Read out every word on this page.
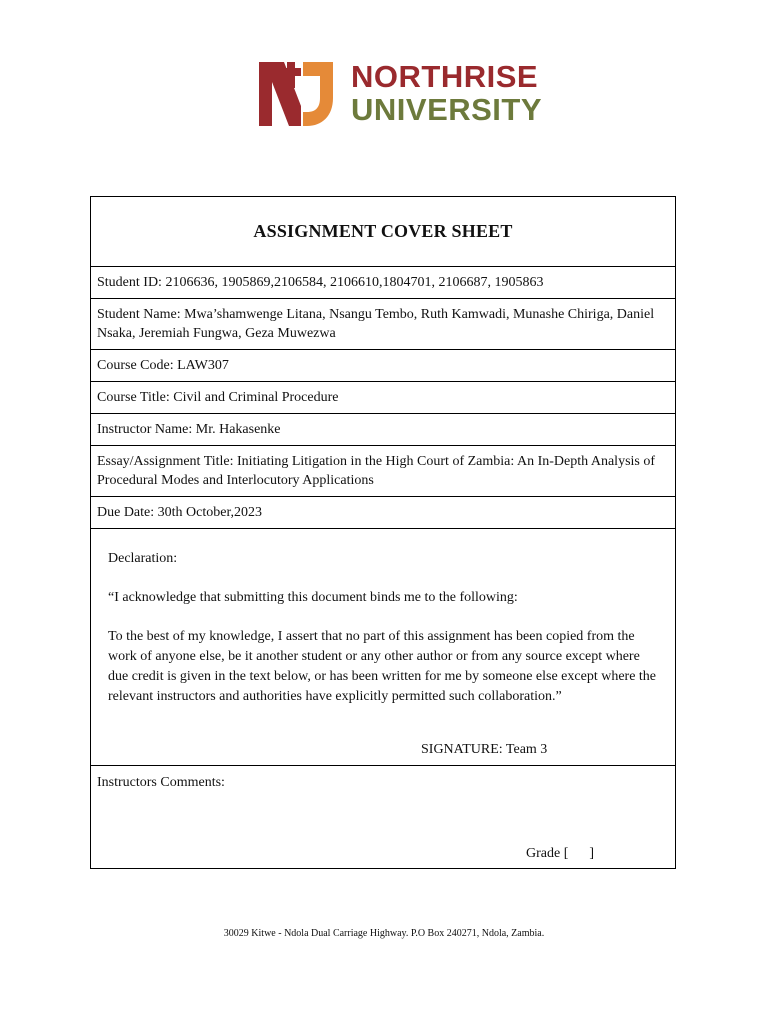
NORTHRISE
UNIVERSITY
ASSIGNMENT COVER SHEET
Student ID: 2106636, 1905869,2106584, 2106610,1804701, 2106687, 1905863
Student Name: Mwa’shamwenge Litana, Nsangu Tembo, Ruth Kamwadi, Munashe Chiriga, Daniel Nsaka, Jeremiah Fungwa, Geza Muwezwa
Course Code: LAW307
Course Title: Civil and Criminal Procedure
Instructor Name: Mr. Hakasenke
Essay/Assignment Title: Initiating Litigation in the High Court of Zambia: An In-Depth Analysis of Procedural Modes and Interlocutory Applications
Due Date: 30th October,2023

Declaration:

“I acknowledge that submitting this document binds me to the following:

To the best of my knowledge, I assert that no part of this assignment has been copied from the work of anyone else, be it another student or any other author or from any source except where due credit is given in the text below, or has been written for me by someone else except where the relevant instructors and authorities have explicitly permitted such collaboration.”

SIGNATURE: Team 3
Instructors Comments:
Grade [      ]
30029 Kitwe - Ndola Dual Carriage Highway. P.O Box 240271, Ndola, Zambia.
